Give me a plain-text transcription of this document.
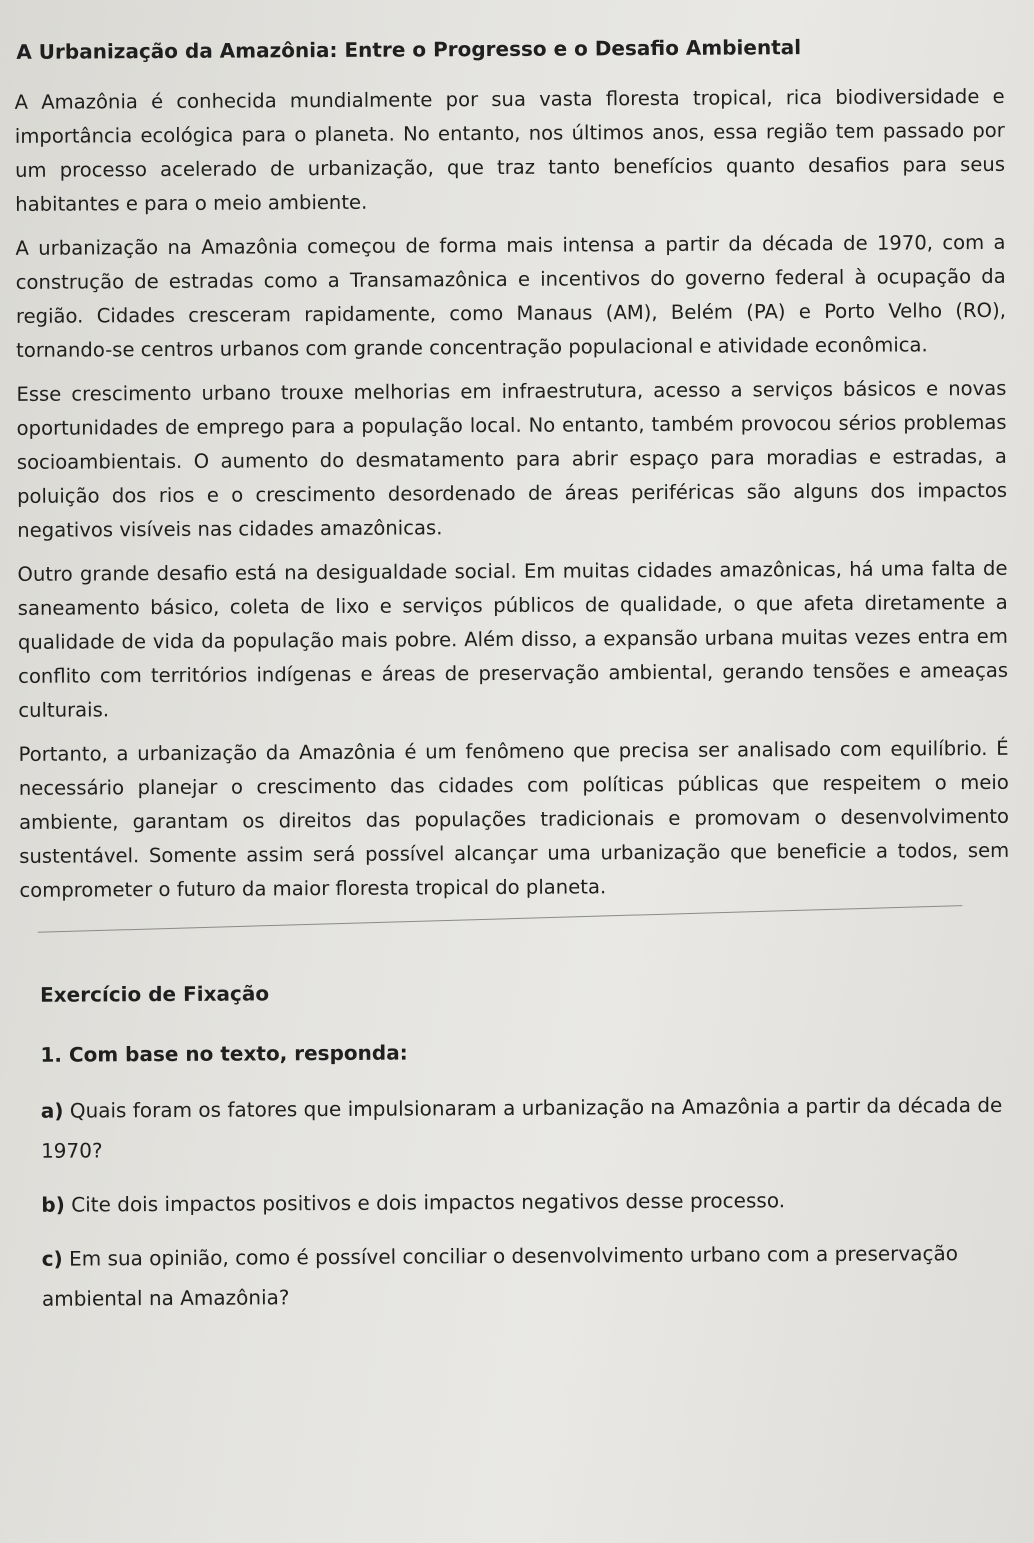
A Urbanização da Amazônia: Entre o Progresso e o Desafio Ambiental

A Amazônia é conhecida mundialmente por sua vasta floresta tropical, rica biodiversidade e importância ecológica para o planeta. No entanto, nos últimos anos, essa região tem passado por um processo acelerado de urbanização, que traz tanto benefícios quanto desafios para seus habitantes e para o meio ambiente.

A urbanização na Amazônia começou de forma mais intensa a partir da década de 1970, com a construção de estradas como a Transamazônica e incentivos do governo federal à ocupação da região. Cidades cresceram rapidamente, como Manaus (AM), Belém (PA) e Porto Velho (RO), tornando-se centros urbanos com grande concentração populacional e atividade econômica.

Esse crescimento urbano trouxe melhorias em infraestrutura, acesso a serviços básicos e novas oportunidades de emprego para a população local. No entanto, também provocou sérios problemas socioambientais. O aumento do desmatamento para abrir espaço para moradias e estradas, a poluição dos rios e o crescimento desordenado de áreas periféricas são alguns dos impactos negativos visíveis nas cidades amazônicas.

Outro grande desafio está na desigualdade social. Em muitas cidades amazônicas, há uma falta de saneamento básico, coleta de lixo e serviços públicos de qualidade, o que afeta diretamente a qualidade de vida da população mais pobre. Além disso, a expansão urbana muitas vezes entra em conflito com territórios indígenas e áreas de preservação ambiental, gerando tensões e ameaças culturais.

Portanto, a urbanização da Amazônia é um fenômeno que precisa ser analisado com equilíbrio. É necessário planejar o crescimento das cidades com políticas públicas que respeitem o meio ambiente, garantam os direitos das populações tradicionais e promovam o desenvolvimento sustentável. Somente assim será possível alcançar uma urbanização que beneficie a todos, sem comprometer o futuro da maior floresta tropical do planeta.

Exercício de Fixação
1. Com base no texto, responda:

a) Quais foram os fatores que impulsionaram a urbanização na Amazônia a partir da década de 1970?

b) Cite dois impactos positivos e dois impactos negativos desse processo.

c) Em sua opinião, como é possível conciliar o desenvolvimento urbano com a preservação ambiental na Amazônia?
